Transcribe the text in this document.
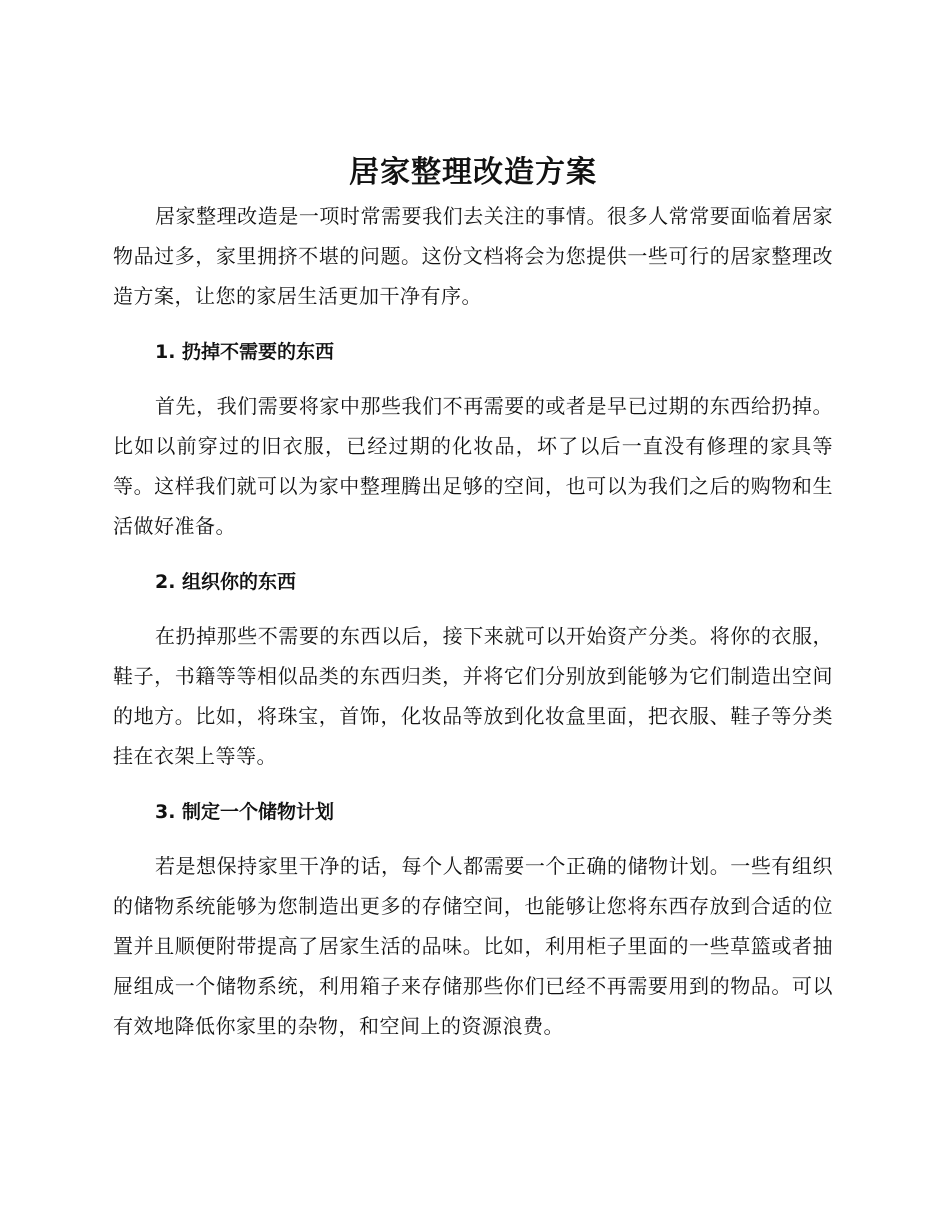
居家整理改造方案

居家整理改造是一项时常需要我们去关注的事情。很多人常常要面临着居家物品过多，家里拥挤不堪的问题。这份文档将会为您提供一些可行的居家整理改造方案，让您的家居生活更加干净有序。

1. 扔掉不需要的东西

首先，我们需要将家中那些我们不再需要的或者是早已过期的东西给扔掉。比如以前穿过的旧衣服，已经过期的化妆品，坏了以后一直没有修理的家具等等。这样我们就可以为家中整理腾出足够的空间，也可以为我们之后的购物和生活做好准备。

2. 组织你的东西

在扔掉那些不需要的东西以后，接下来就可以开始资产分类。将你的衣服，鞋子，书籍等等相似品类的东西归类，并将它们分别放到能够为它们制造出空间的地方。比如，将珠宝，首饰，化妆品等放到化妆盒里面，把衣服、鞋子等分类挂在衣架上等等。

3. 制定一个储物计划

若是想保持家里干净的话，每个人都需要一个正确的储物计划。一些有组织的储物系统能够为您制造出更多的存储空间，也能够让您将东西存放到合适的位置并且顺便附带提高了居家生活的品味。比如，利用柜子里面的一些草篮或者抽屉组成一个储物系统，利用箱子来存储那些你们已经不再需要用到的物品。可以有效地降低你家里的杂物，和空间上的资源浪费。
